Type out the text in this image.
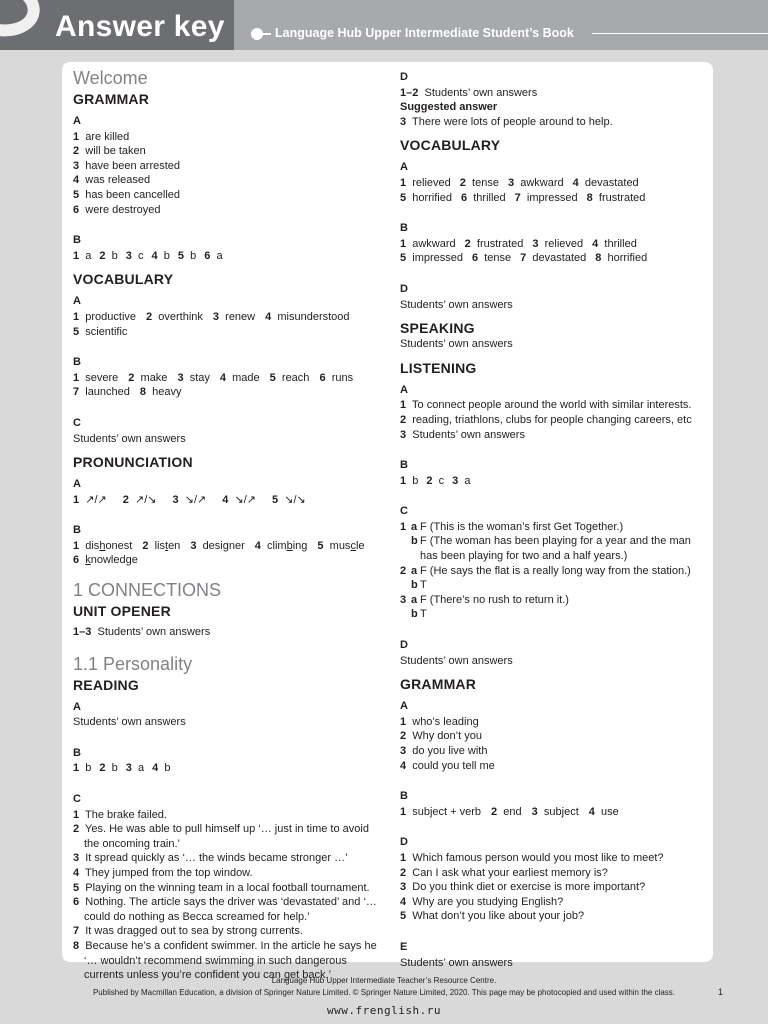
Answer key	Language Hub Upper Intermediate Student’s Book
Welcome
GRAMMAR
A
1 are killed
2 will be taken
3 have been arrested
4 was released
5 has been cancelled
6 were destroyed
B
1 a 2 b 3 c 4 b 5 b 6 a
VOCABULARY
A
1 productive 2 overthink 3 renew 4 misunderstood
5 scientific
B
1 severe 2 make 3 stay 4 made 5 reach 6 runs
7 launched 8 heavy
C
Students’ own answers
PRONUNCIATION
A
1 ↗/↗ 2 ↗/↘ 3 ↘/↗ 4 ↘/↗ 5 ↘/↘
B
1 dishonest 2 listen 3 designer 4 climbing 5 muscle
6 knowledge
1 CONNECTIONS
UNIT OPENER
1–3 Students’ own answers
1.1 Personality
READING
A
Students’ own answers
B
1 b 2 b 3 a 4 b
C
1 The brake failed.
2 Yes. He was able to pull himself up ‘… just in time to avoid the oncoming train.’
3 It spread quickly as ‘… the winds became stronger …’
4 They jumped from the top window.
5 Playing on the winning team in a local football tournament.
6 Nothing. The article says the driver was ‘devastated’ and ‘… could do nothing as Becca screamed for help.’
7 It was dragged out to sea by strong currents.
8 Because he’s a confident swimmer. In the article he says he ‘… wouldn’t recommend swimming in such dangerous currents unless you’re confident you can get back.’
D
1–2 Students’ own answers
Suggested answer
3 There were lots of people around to help.
VOCABULARY
A
1 relieved 2 tense 3 awkward 4 devastated
5 horrified 6 thrilled 7 impressed 8 frustrated
B
1 awkward 2 frustrated 3 relieved 4 thrilled
5 impressed 6 tense 7 devastated 8 horrified
D
Students’ own answers
SPEAKING
Students’ own answers
LISTENING
A
1 To connect people around the world with similar interests.
2 reading, triathlons, clubs for people changing careers, etc
3 Students’ own answers
B
1 b 2 c 3 a
C
1 a F (This is the woman’s first Get Together.)
b F (The woman has been playing for a year and the man has been playing for two and a half years.)
2 a F (He says the flat is a really long way from the station.)
b T
3 a F (There’s no rush to return it.)
b T
D
Students’ own answers
GRAMMAR
A
1 who’s leading
2 Why don’t you
3 do you live with
4 could you tell me
B
1 subject + verb 2 end 3 subject 4 use
D
1 Which famous person would you most like to meet?
2 Can I ask what your earliest memory is?
3 Do you think diet or exercise is more important?
4 Why are you studying English?
5 What don’t you like about your job?
E
Students’ own answers
Language Hub Upper Intermediate Teacher’s Resource Centre.
Published by Macmillan Education, a division of Springer Nature Limited. © Springer Nature Limited, 2020. This page may be photocopied and used within the class.	1
www.frenglish.ru
